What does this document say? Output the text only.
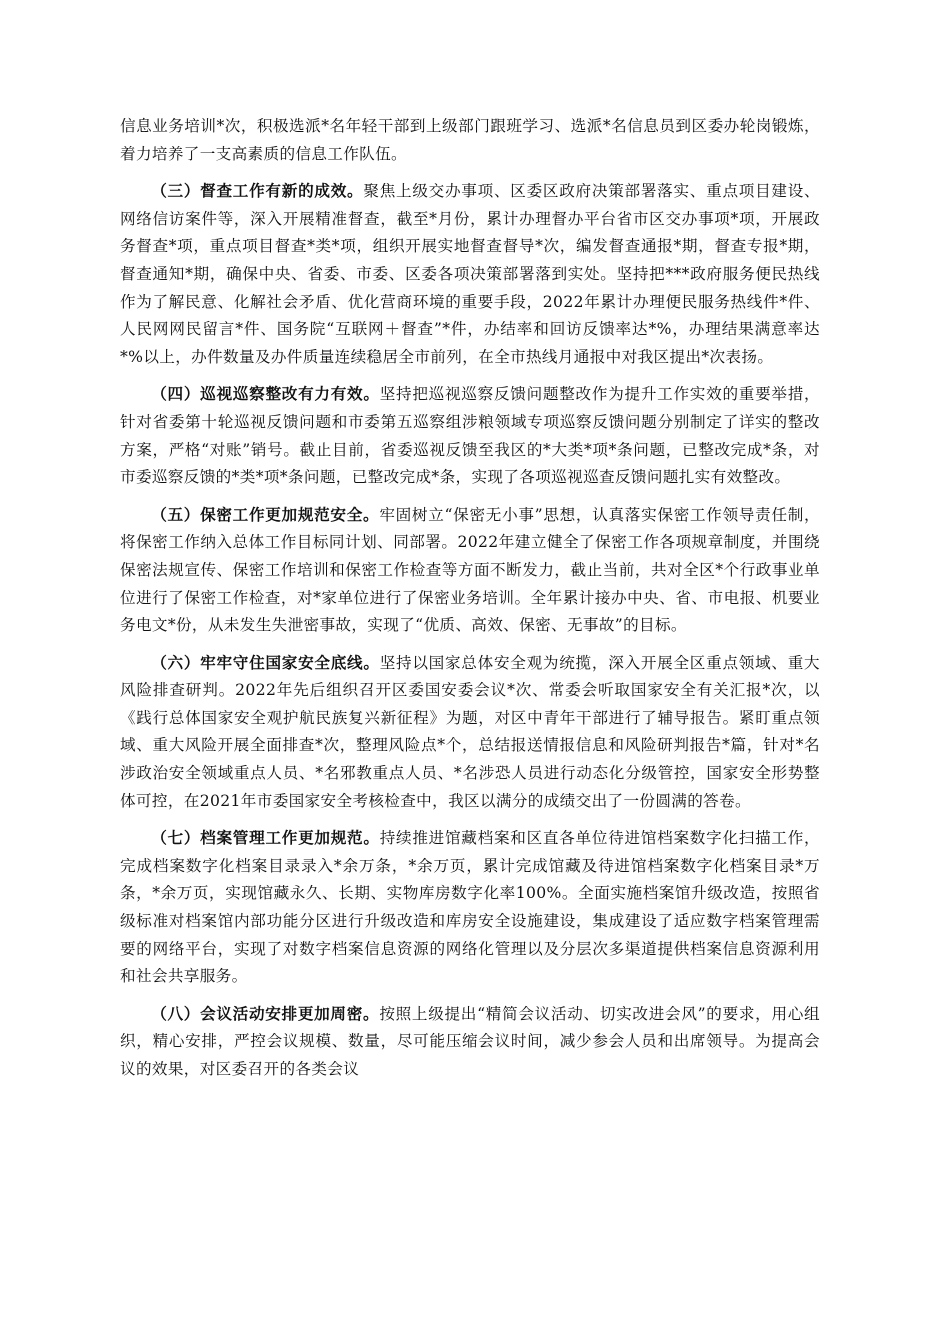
信息业务培训*次，积极选派*名年轻干部到上级部门跟班学习、选派*名信息员到区委办轮岗锻炼，着力培养了一支高素质的信息工作队伍。

（三）督查工作有新的成效。聚焦上级交办事项、区委区政府决策部署落实、重点项目建设、网络信访案件等，深入开展精准督查，截至*月份，累计办理督办平台省市区交办事项*项，开展政务督查*项，重点项目督查*类*项，组织开展实地督查督导*次，编发督查通报*期，督查专报*期，督查通知*期，确保中央、省委、市委、区委各项决策部署落到实处。坚持把***政府服务便民热线作为了解民意、化解社会矛盾、优化营商环境的重要手段，2022年累计办理便民服务热线件*件、人民网网民留言*件、国务院“互联网＋督查”*件，办结率和回访反馈率达*%，办理结果满意率达*%以上，办件数量及办件质量连续稳居全市前列，在全市热线月通报中对我区提出*次表扬。

（四）巡视巡察整改有力有效。坚持把巡视巡察反馈问题整改作为提升工作实效的重要举措，针对省委第十轮巡视反馈问题和市委第五巡察组涉粮领域专项巡察反馈问题分别制定了详实的整改方案，严格“对账”销号。截止目前，省委巡视反馈至我区的*大类*项*条问题，已整改完成*条，对市委巡察反馈的*类*项*条问题，已整改完成*条，实现了各项巡视巡查反馈问题扎实有效整改。

（五）保密工作更加规范安全。牢固树立“保密无小事”思想，认真落实保密工作领导责任制，将保密工作纳入总体工作目标同计划、同部署。2022年建立健全了保密工作各项规章制度，并围绕保密法规宣传、保密工作培训和保密工作检查等方面不断发力，截止当前，共对全区*个行政事业单位进行了保密工作检查，对*家单位进行了保密业务培训。全年累计接办中央、省、市电报、机要业务电文*份，从未发生失泄密事故，实现了“优质、高效、保密、无事故”的目标。

（六）牢牢守住国家安全底线。坚持以国家总体安全观为统揽，深入开展全区重点领域、重大风险排查研判。2022年先后组织召开区委国安委会议*次、常委会听取国家安全有关汇报*次，以《践行总体国家安全观护航民族复兴新征程》为题，对区中青年干部进行了辅导报告。紧盯重点领域、重大风险开展全面排查*次，整理风险点*个，总结报送情报信息和风险研判报告*篇，针对*名涉政治安全领域重点人员、*名邪教重点人员、*名涉恐人员进行动态化分级管控，国家安全形势整体可控，在2021年市委国家安全考核检查中，我区以满分的成绩交出了一份圆满的答卷。

（七）档案管理工作更加规范。持续推进馆藏档案和区直各单位待进馆档案数字化扫描工作，完成档案数字化档案目录录入*余万条，*余万页，累计完成馆藏及待进馆档案数字化档案目录*万条，*余万页，实现馆藏永久、长期、实物库房数字化率100%。全面实施档案馆升级改造，按照省级标准对档案馆内部功能分区进行升级改造和库房安全设施建设，集成建设了适应数字档案管理需要的网络平台，实现了对数字档案信息资源的网络化管理以及分层次多渠道提供档案信息资源利用和社会共享服务。

（八）会议活动安排更加周密。按照上级提出“精简会议活动、切实改进会风”的要求，用心组织，精心安排，严控会议规模、数量，尽可能压缩会议时间，减少参会人员和出席领导。为提高会议的效果，对区委召开的各类会议
